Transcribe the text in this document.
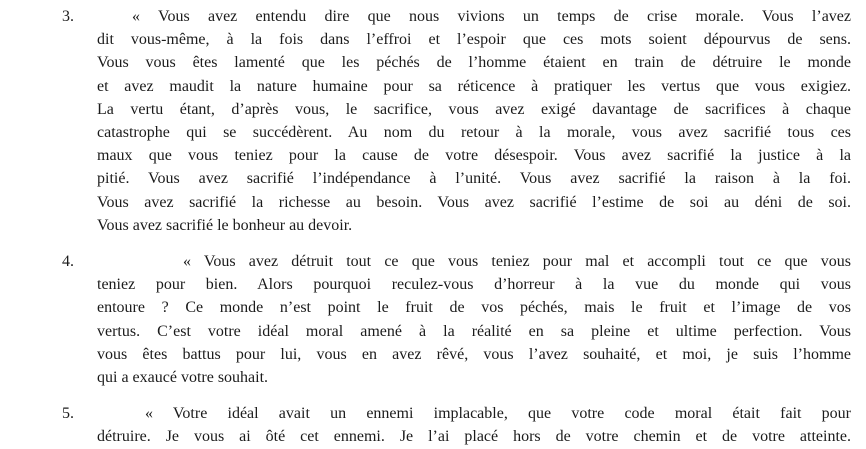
3.	« Vous avez entendu dire que nous vivions un temps de crise morale. Vous l’avez
dit vous-même, à la fois dans l’effroi et l’espoir que ces mots soient dépourvus de sens.
Vous vous êtes lamenté que les péchés de l’homme étaient en train de détruire le monde
et avez maudit la nature humaine pour sa réticence à pratiquer les vertus que vous exigiez.
La vertu étant, d’après vous, le sacrifice, vous avez exigé davantage de sacrifices à chaque
catastrophe qui se succédèrent. Au nom du retour à la morale, vous avez sacrifié tous ces
maux que vous teniez pour la cause de votre désespoir. Vous avez sacrifié la justice à la
pitié. Vous avez sacrifié l’indépendance à l’unité. Vous avez sacrifié la raison à la foi.
Vous avez sacrifié la richesse au besoin. Vous avez sacrifié l’estime de soi au déni de soi.
Vous avez sacrifié le bonheur au devoir.
4.	« Vous avez détruit tout ce que vous teniez pour mal et accompli tout ce que vous
teniez pour bien. Alors pourquoi reculez-vous d’horreur à la vue du monde qui vous
entoure ? Ce monde n’est point le fruit de vos péchés, mais le fruit et l’image de vos
vertus. C’est votre idéal moral amené à la réalité en sa pleine et ultime perfection. Vous
vous êtes battus pour lui, vous en avez rêvé, vous l’avez souhaité, et moi, je suis l’homme
qui a exaucé votre souhait.
5.	« Votre idéal avait un ennemi implacable, que votre code moral était fait pour
détruire. Je vous ai ôté cet ennemi. Je l’ai placé hors de votre chemin et de votre atteinte.
